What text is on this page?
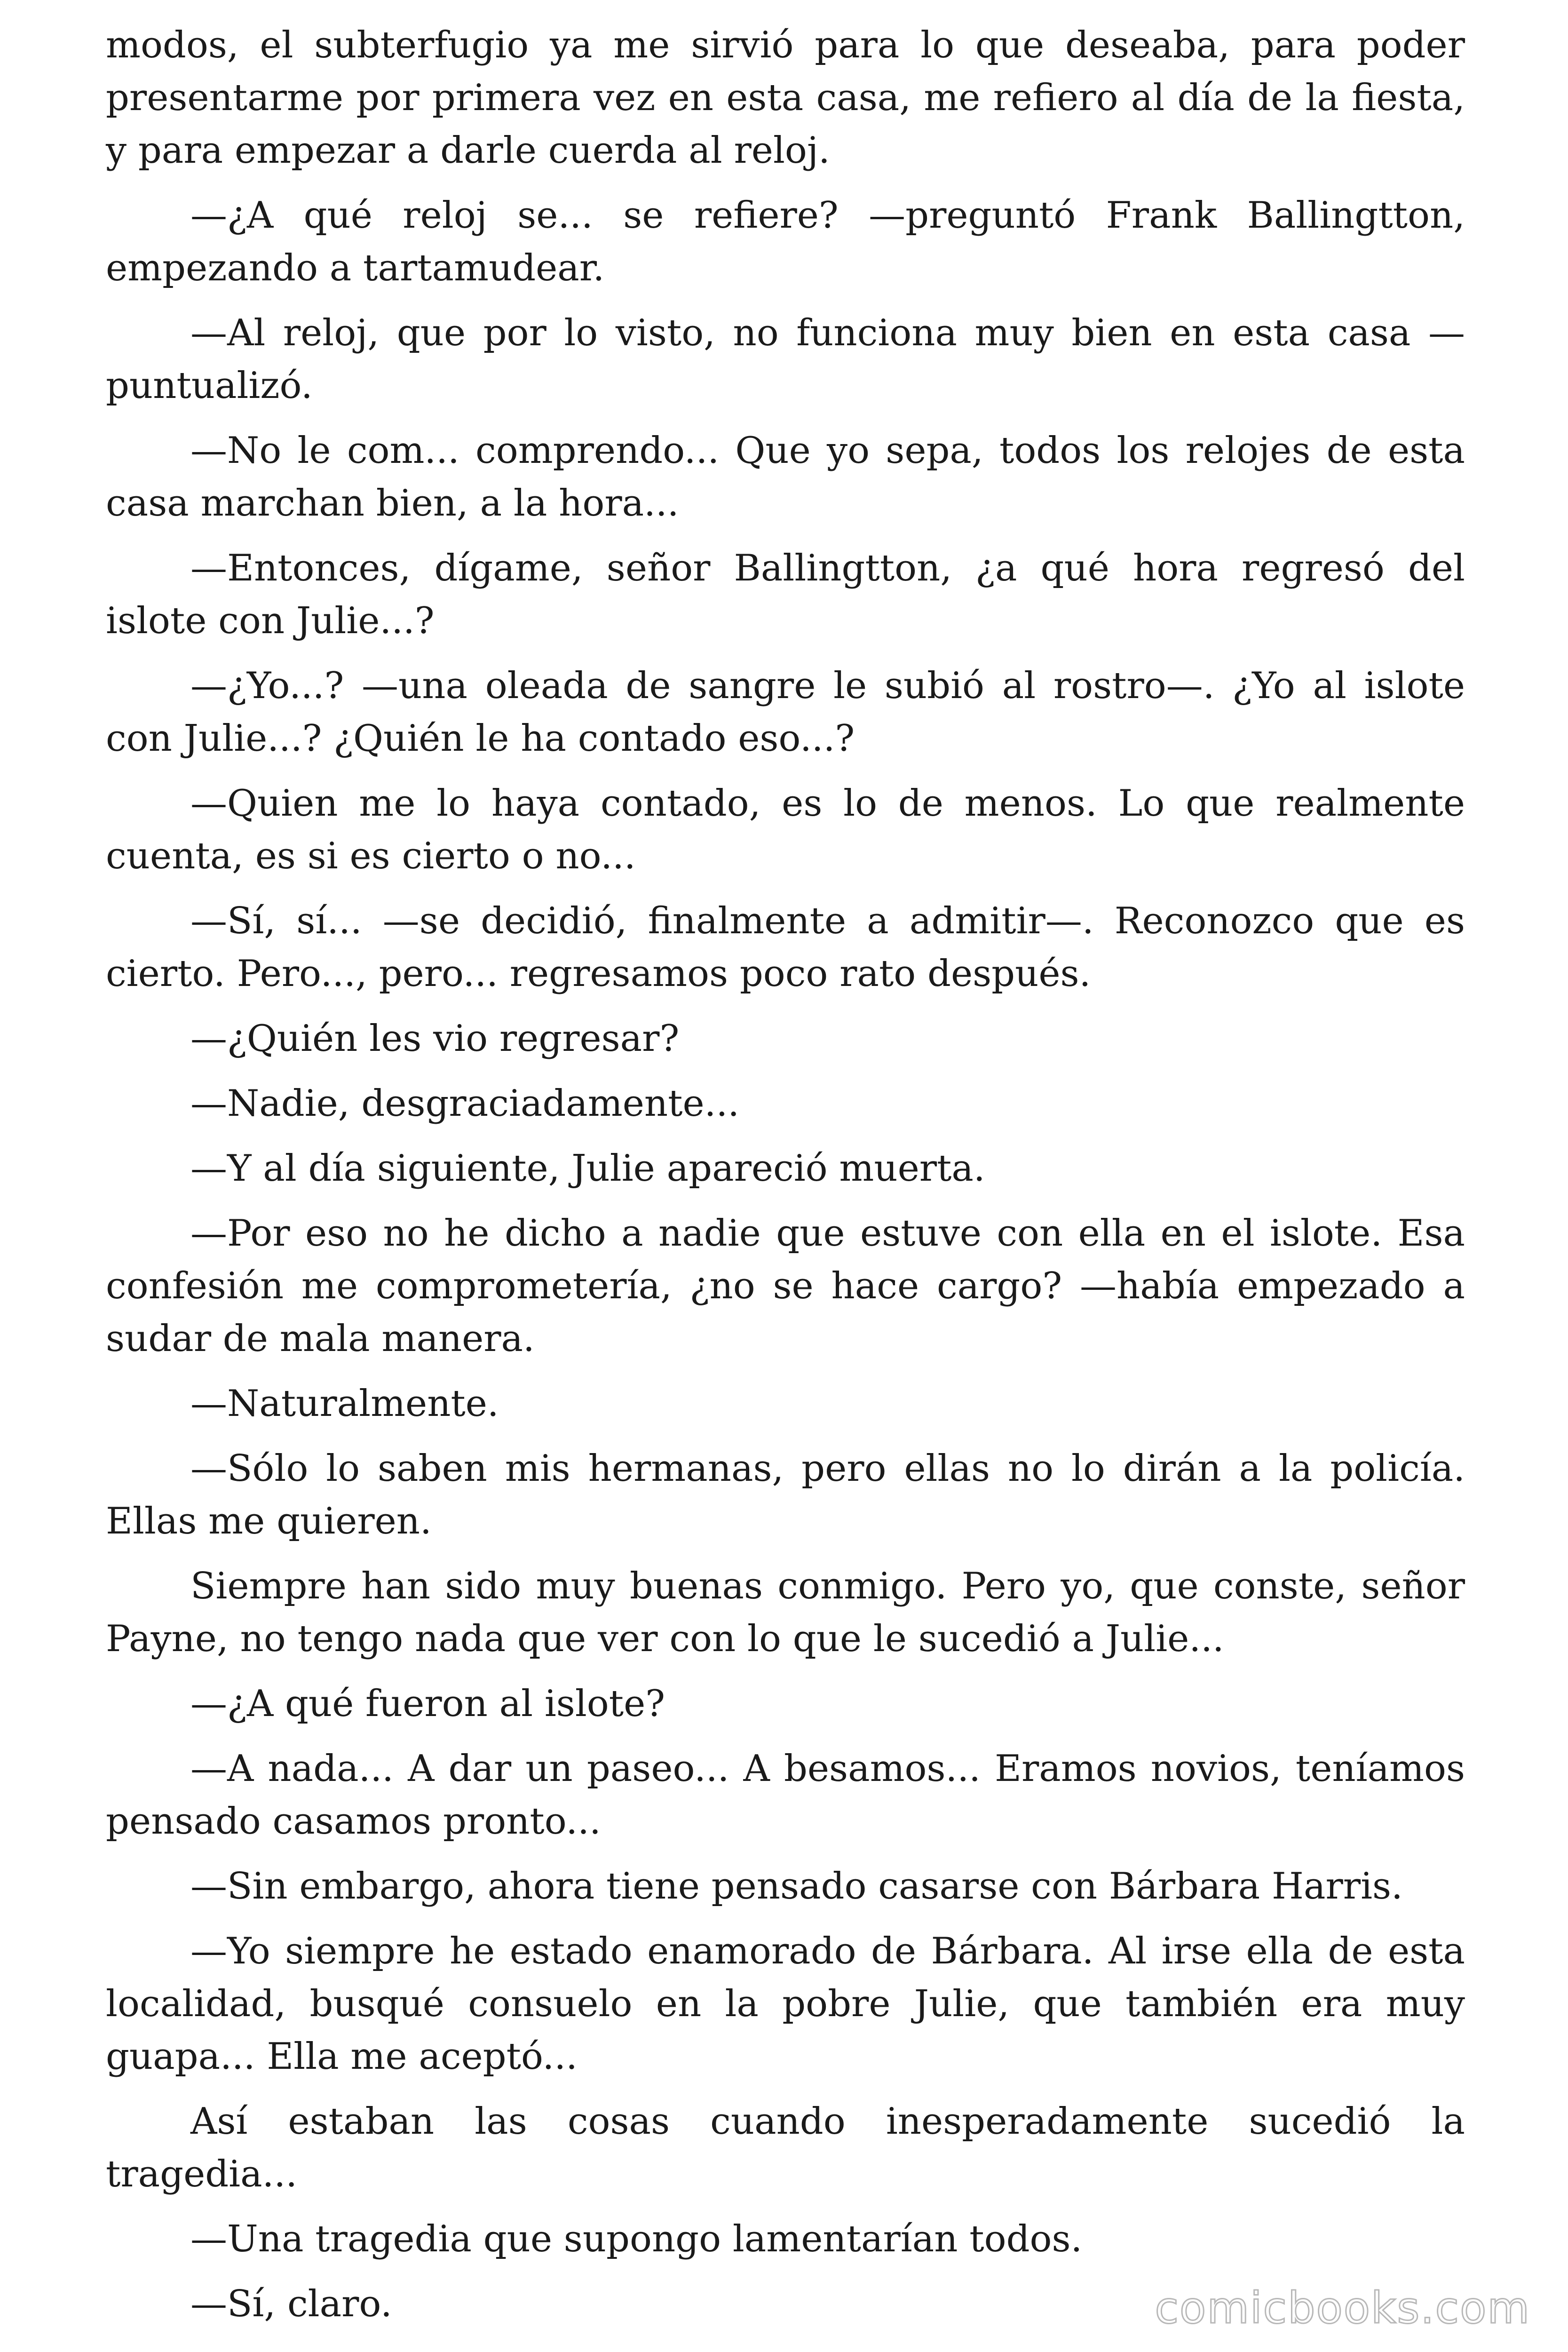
modos, el subterfugio ya me sirvió para lo que deseaba, para poder presentarme por primera vez en esta casa, me refiero al día de la fiesta, y para empezar a darle cuerda al reloj.

—¿A qué reloj se... se refiere? —preguntó Frank Ballingtton, empezando a tartamudear.

—Al reloj, que por lo visto, no funciona muy bien en esta casa —puntualizó.

—No le com... comprendo... Que yo sepa, todos los relojes de esta casa marchan bien, a la hora...

—Entonces, dígame, señor Ballingtton, ¿a qué hora regresó del islote con Julie...?

—¿Yo...? —una oleada de sangre le subió al rostro—. ¿Yo al islote con Julie...? ¿Quién le ha contado eso...?

—Quien me lo haya contado, es lo de menos. Lo que realmente cuenta, es si es cierto o no...

—Sí, sí... —se decidió, finalmente a admitir—. Reconozco que es cierto. Pero..., pero... regresamos poco rato después.

—¿Quién les vio regresar?

—Nadie, desgraciadamente...

—Y al día siguiente, Julie apareció muerta.

—Por eso no he dicho a nadie que estuve con ella en el islote. Esa confesión me comprometería, ¿no se hace cargo? —había empezado a sudar de mala manera.

—Naturalmente.

—Sólo lo saben mis hermanas, pero ellas no lo dirán a la policía. Ellas me quieren.

Siempre han sido muy buenas conmigo. Pero yo, que conste, señor Payne, no tengo nada que ver con lo que le sucedió a Julie...

—¿A qué fueron al islote?

—A nada... A dar un paseo... A besamos... Eramos novios, teníamos pensado casamos pronto...

—Sin embargo, ahora tiene pensado casarse con Bárbara Harris.

—Yo siempre he estado enamorado de Bárbara. Al irse ella de esta localidad, busqué consuelo en la pobre Julie, que también era muy guapa... Ella me aceptó...

Así estaban las cosas cuando inesperadamente sucedió la tragedia...

—Una tragedia que supongo lamentarían todos.

—Sí, claro.	comicbooks.com
